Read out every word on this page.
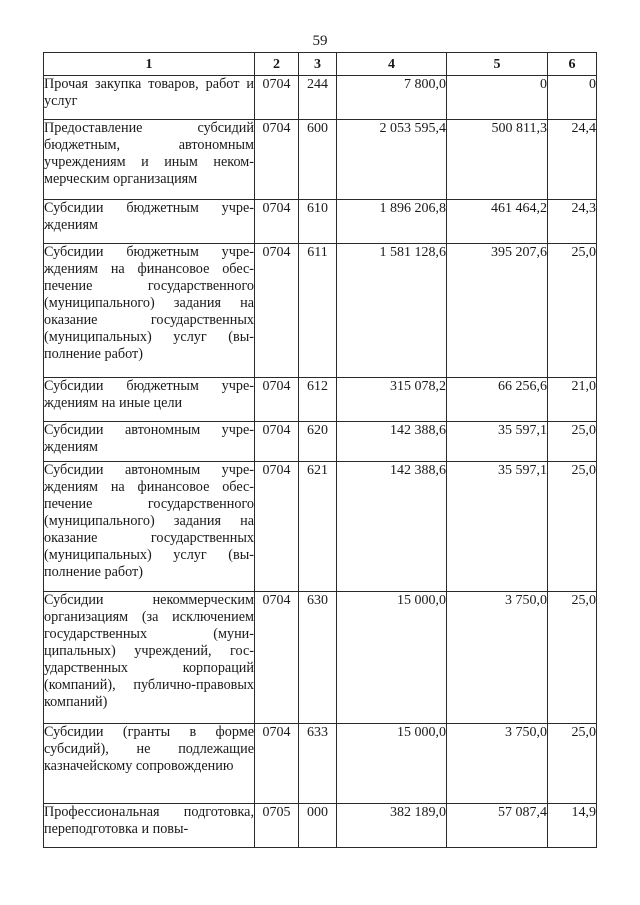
59
1	2	3	4	5	6
Прочая закупка товаров, работ и услуг	0704	244	7 800,0	0	0
Предоставление субсидий бюджетным, автономным учреждениям и иным некоммерческим организациям	0704	600	2 053 595,4	500 811,3	24,4
Субсидии бюджетным учреждениям	0704	610	1 896 206,8	461 464,2	24,3
Субсидии бюджетным учреждениям на финансовое обеспечение государственного (муниципального) задания на оказание государственных (муниципальных) услуг (выполнение работ)	0704	611	1 581 128,6	395 207,6	25,0
Субсидии бюджетным учреждениям на иные цели	0704	612	315 078,2	66 256,6	21,0
Субсидии автономным учреждениям	0704	620	142 388,6	35 597,1	25,0
Субсидии автономным учреждениям на финансовое обеспечение государственного (муниципального) задания на оказание государственных (муниципальных) услуг (выполнение работ)	0704	621	142 388,6	35 597,1	25,0
Субсидии некоммерческим организациям (за исключением государственных (муниципальных) учреждений, государственных корпораций (компаний), публично-правовых компаний)	0704	630	15 000,0	3 750,0	25,0
Субсидии (гранты в форме субсидий), не подлежащие казначейскому сопровождению	0704	633	15 000,0	3 750,0	25,0
Профессиональная подготовка, переподготовка и повы-	0705	000	382 189,0	57 087,4	14,9
